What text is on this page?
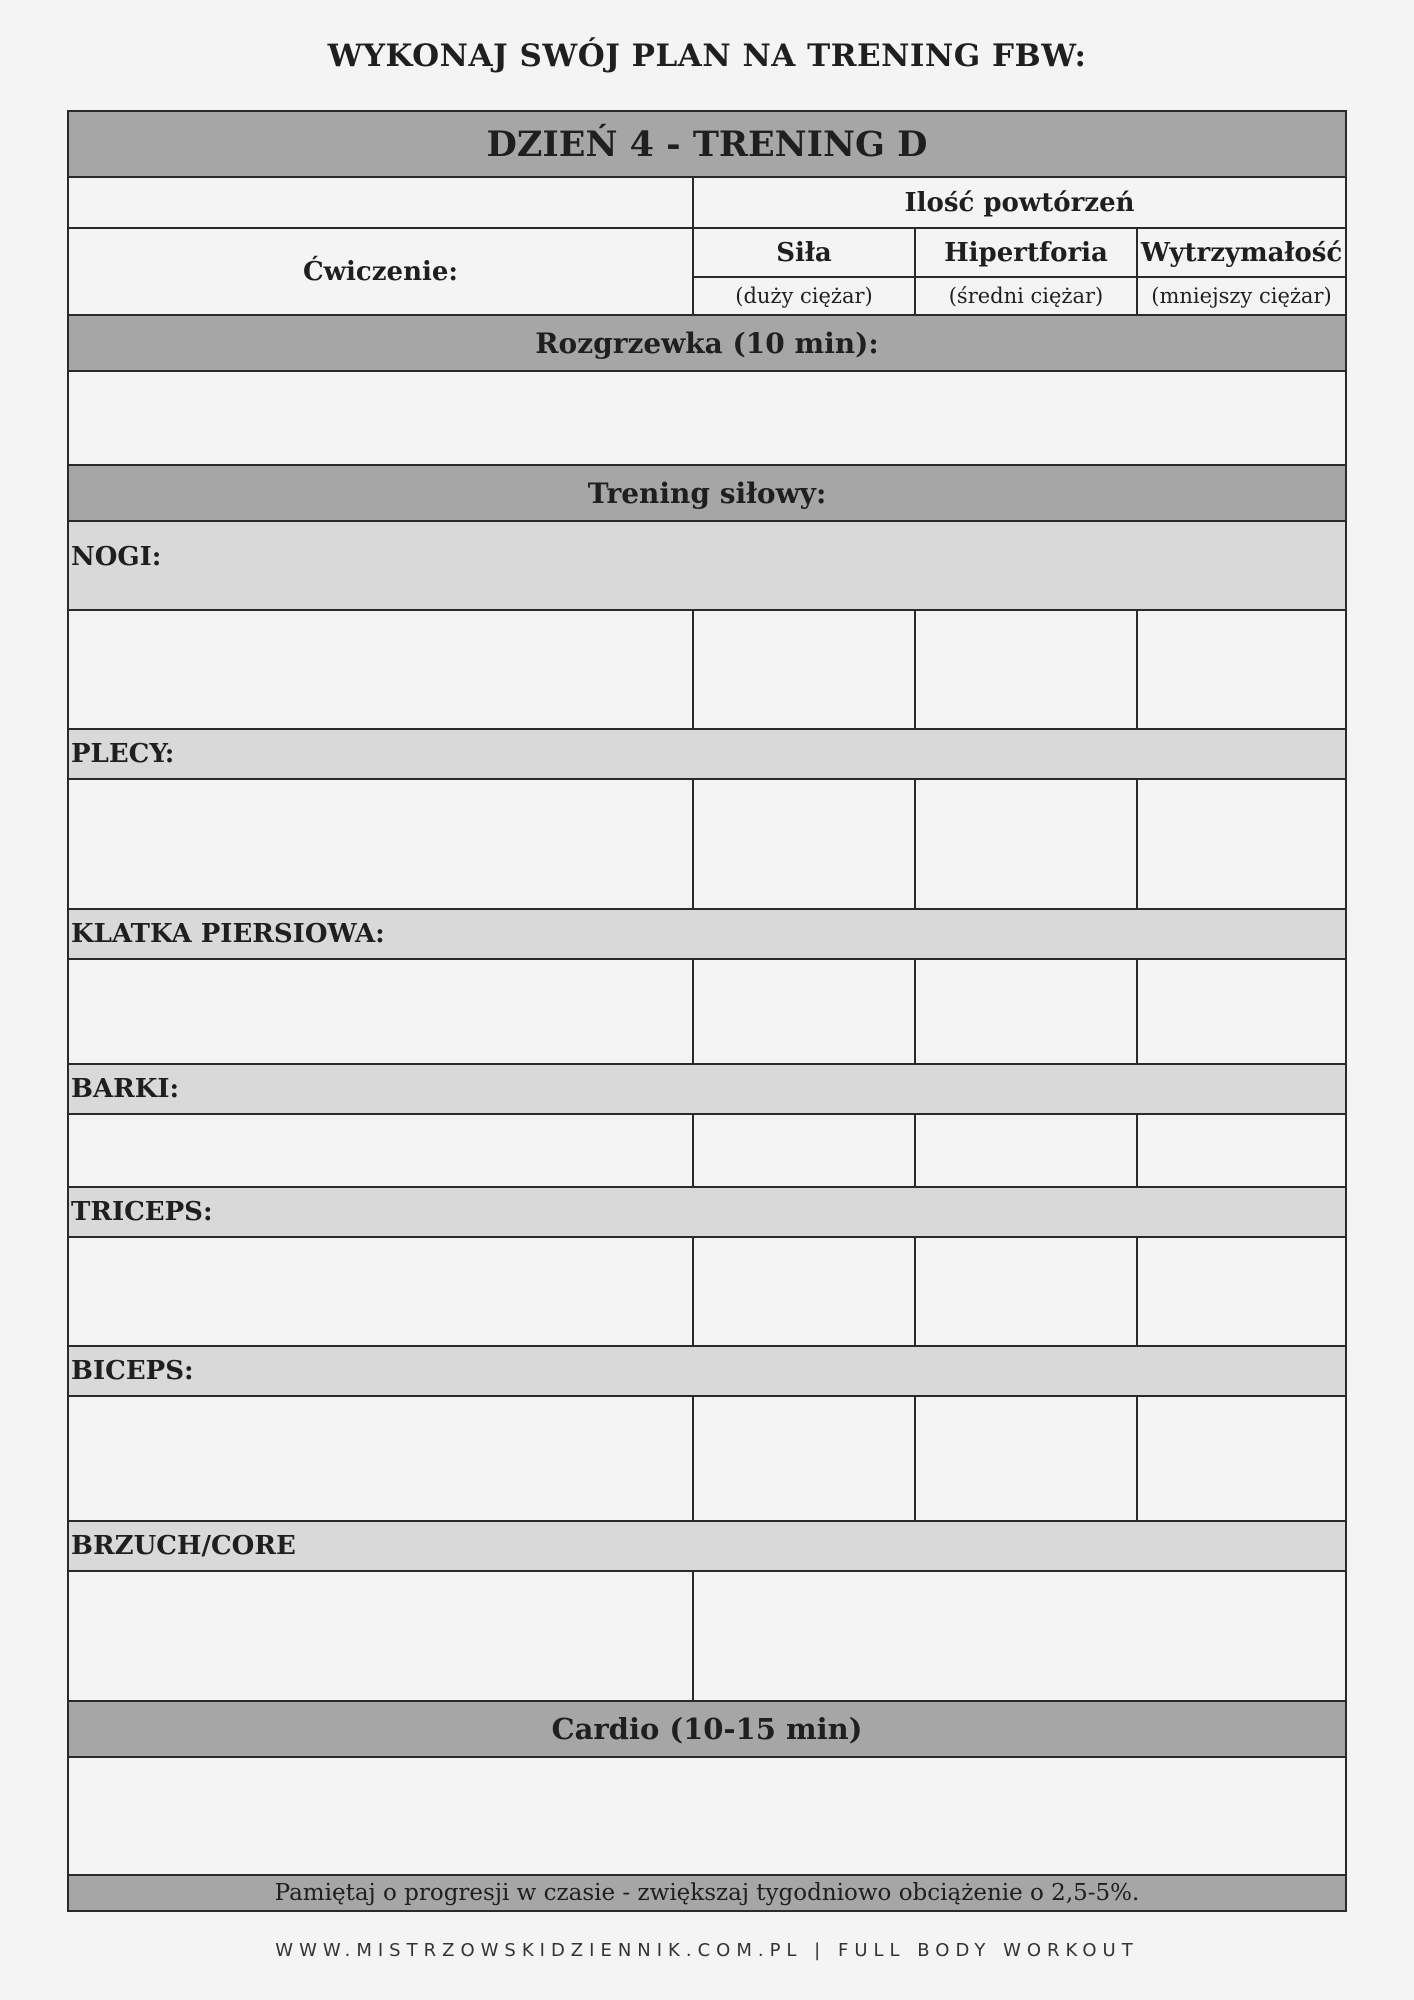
WYKONAJ SWÓJ PLAN NA TRENING FBW:
DZIEŃ 4 - TRENING D
Ilość powtórzeń
Ćwiczenie:
Siła	Hipertforia Wytrzymałość
(duży ciężar)	(średni ciężar) (mniejszy ciężar)
Rozgrzewka (10 min):
Trening siłowy:
NOGI:
PLECY:
KLATKA PIERSIOWA:
BARKI:
TRICEPS:
BICEPS:
BRZUCH/CORE
Cardio (10-15 min)
Pamiętaj o progresji w czasie - zwiększaj tygodniowo obciążenie o 2,5-5%.
WWW.MISTRZOWSKIDZIENNIK.COM.PL | FULL BODY WORKOUT
